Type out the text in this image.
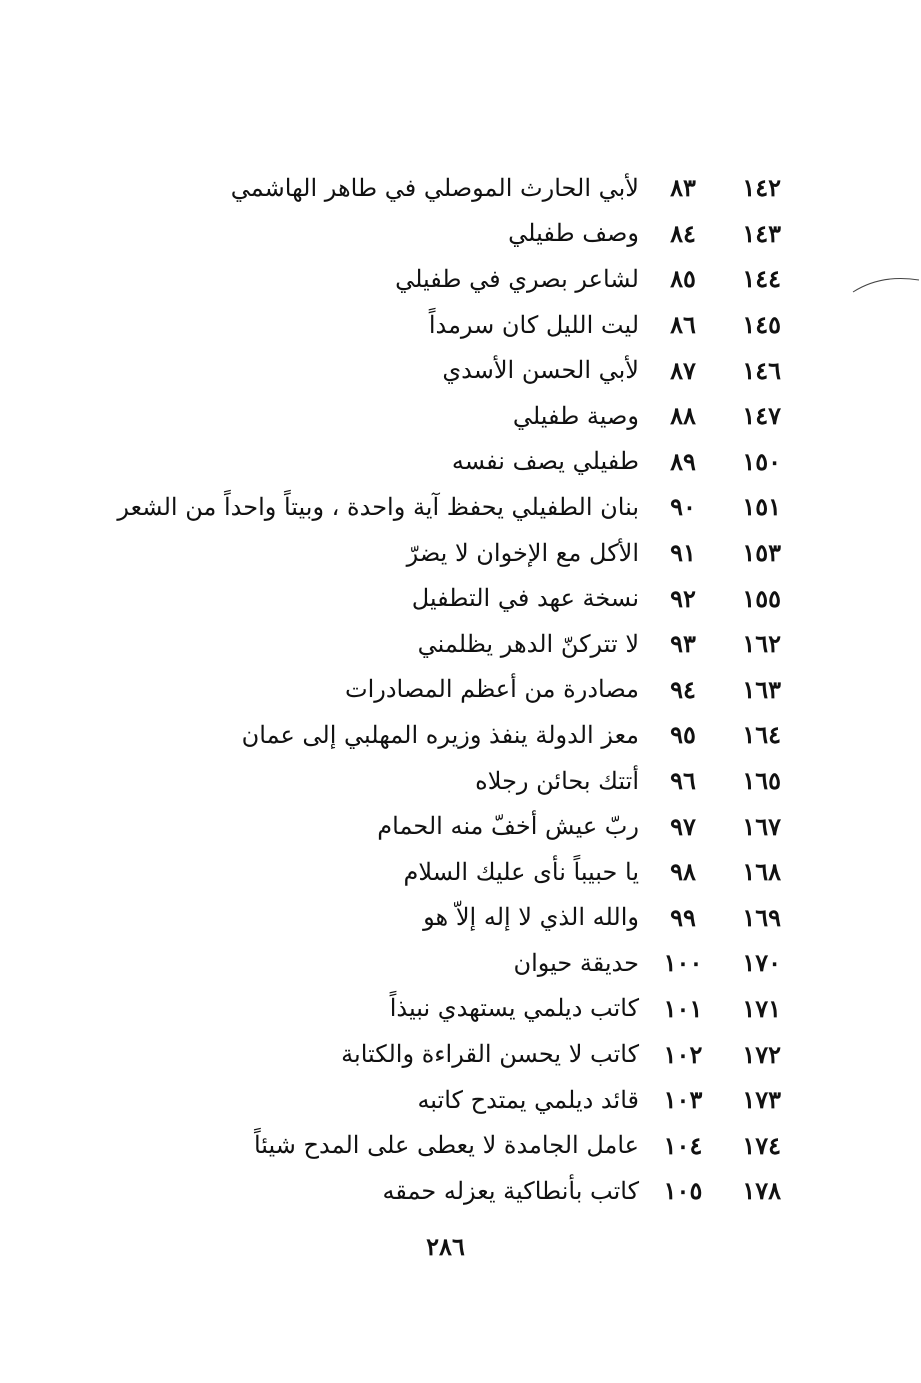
١٤٢
٨٣
لأبي الحارث الموصلي في طاهر الهاشمي
١٤٣
٨٤
وصف طفيلي
١٤٤
٨٥
لشاعر بصري في طفيلي
١٤٥
٨٦
ليت الليل كان سرمداً
١٤٦
٨٧
لأبي الحسن الأسدي
١٤٧
٨٨
وصية طفيلي
١٥٠
٨٩
طفيلي يصف نفسه
١٥١
٩٠
بنان الطفيلي يحفظ آية واحدة ، وبيتاً واحداً من الشعر
١٥٣
٩١
الأكل مع الإخوان لا يضرّ
١٥٥
٩٢
نسخة عهد في التطفيل
١٦٢
٩٣
لا تتركنّ الدهر يظلمني
١٦٣
٩٤
مصادرة من أعظم المصادرات
١٦٤
٩٥
معز الدولة ينفذ وزيره المهلبي إلى عمان
١٦٥
٩٦
أتتك بحائن رجلاه
١٦٧
٩٧
ربّ عيش أخفّ منه الحمام
١٦٨
٩٨
يا حبيباً نأى عليك السلام
١٦٩
٩٩
والله الذي لا إله إلاّ هو
١٧٠
١٠٠
حديقة حيوان
١٧١
١٠١
كاتب ديلمي يستهدي نبيذاً
١٧٢
١٠٢
كاتب لا يحسن القراءة والكتابة
١٧٣
١٠٣
قائد ديلمي يمتدح كاتبه
١٧٤
١٠٤
عامل الجامدة لا يعطى على المدح شيئاً
١٧٨
١٠٥
كاتب بأنطاكية يعزله حمقه
٢٨٦
